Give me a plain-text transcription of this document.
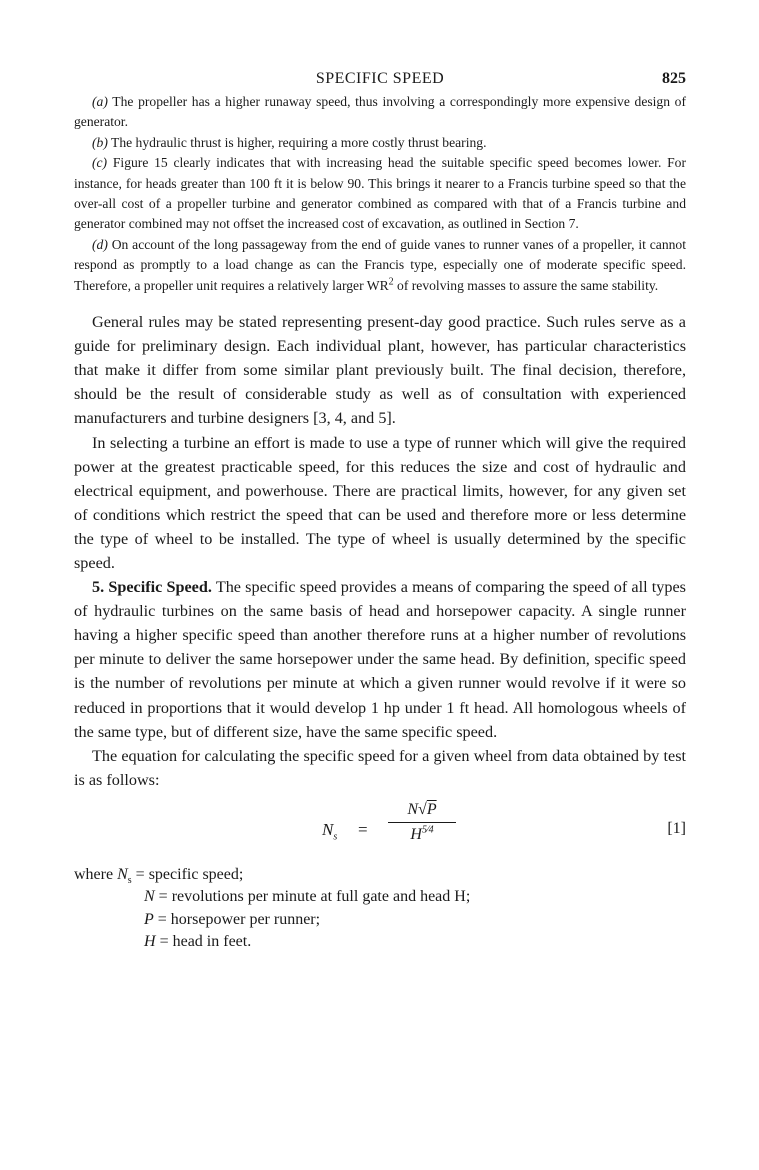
SPECIFIC SPEED	825

(a) The propeller has a higher runaway speed, thus involving a correspondingly more expensive design of generator.

(b) The hydraulic thrust is higher, requiring a more costly thrust bearing.

(c) Figure 15 clearly indicates that with increasing head the suitable specific speed becomes lower. For instance, for heads greater than 100 ft it is below 90. This brings it nearer to a Francis turbine speed so that the over-all cost of a propeller turbine and generator combined as compared with that of a Francis turbine and generator combined may not offset the increased cost of excavation, as outlined in Section 7.

(d) On account of the long passageway from the end of guide vanes to runner vanes of a propeller, it cannot respond as promptly to a load change as can the Francis type, especially one of moderate specific speed. Therefore, a propeller unit requires a relatively larger $WR^2$ of revolving masses to assure the same stability.

General rules may be stated representing present-day good practice. Such rules serve as a guide for preliminary design. Each individual plant, however, has particular characteristics that make it differ from some similar plant previously built. The final decision, therefore, should be the result of considerable study as well as of consultation with experienced manufacturers and turbine designers [3, 4, and 5].

In selecting a turbine an effort is made to use a type of runner which will give the required power at the greatest practicable speed, for this reduces the size and cost of hydraulic and electrical equipment, and powerhouse. There are practical limits, however, for any given set of conditions which restrict the speed that can be used and therefore more or less determine the type of wheel to be installed. The type of wheel is usually determined by the specific speed.

5. Specific Speed. The specific speed provides a means of comparing the speed of all types of hydraulic turbines on the same basis of head and horsepower capacity. A single runner having a higher specific speed than another therefore runs at a higher number of revolutions per minute to deliver the same horsepower under the same head. By definition, specific speed is the number of revolutions per minute at which a given runner would revolve if it were so reduced in proportions that it would develop 1 hp under 1 ft head. All homologous wheels of the same type, but of different size, have the same specific speed.

The equation for calculating the specific speed for a given wheel from data obtained by test is as follows:

$N_s$ =
N√P
$H^{5⁄4}$	[1]
where $N_s$ = specific speed;
N = revolutions per minute at full gate and head H;
P = horsepower per runner;
H = head in feet.
